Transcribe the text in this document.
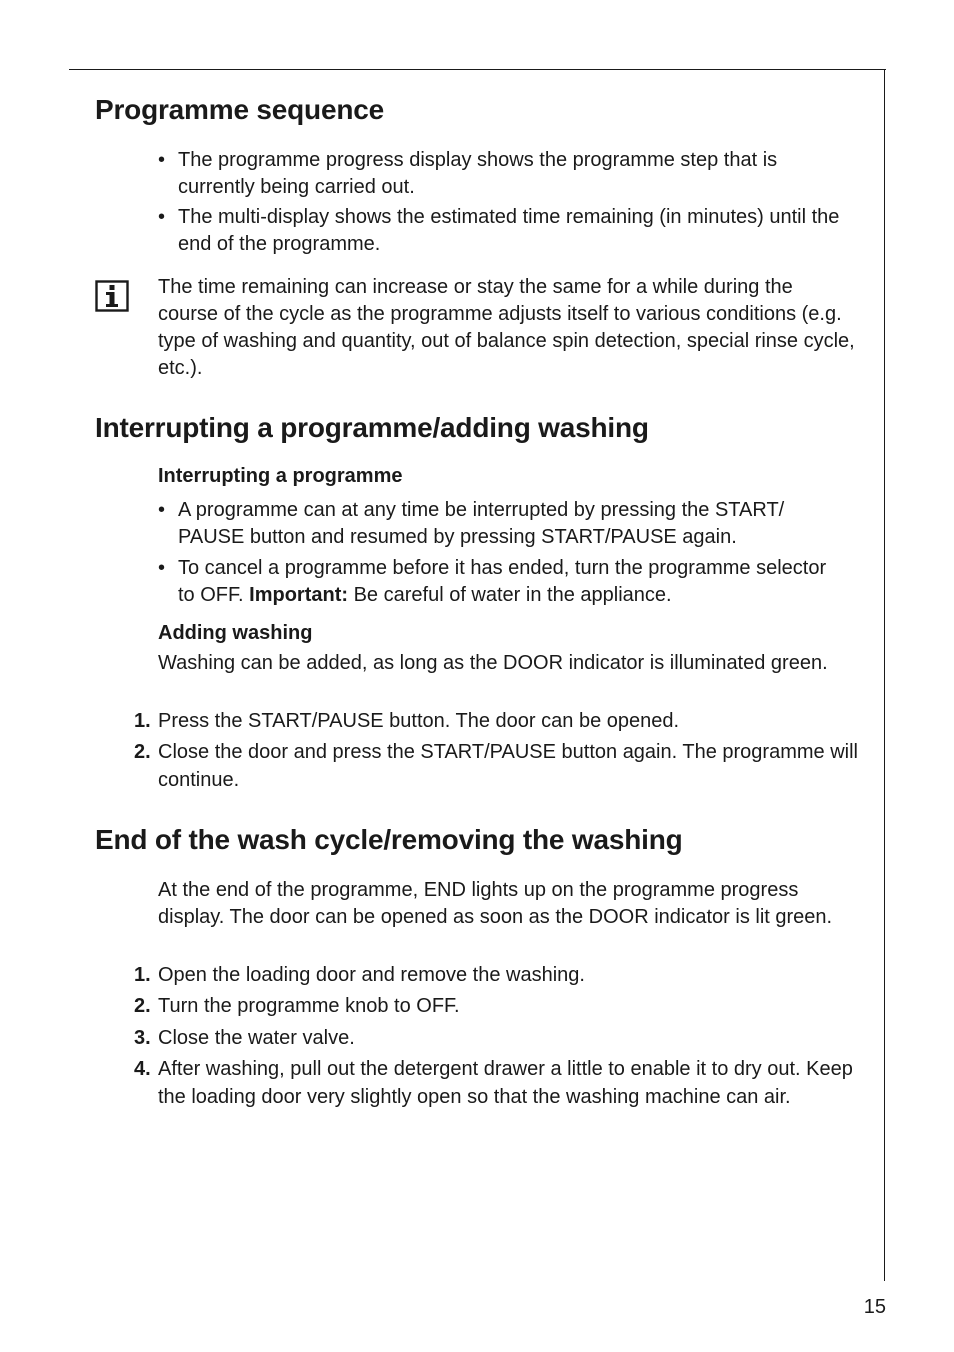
Programme sequence
• The programme progress display shows the programme step that is currently being carried out.
• The multi-display shows the estimated time remaining (in minutes) until the end of the programme.

The time remaining can increase or stay the same for a while during the course of the cycle as the programme adjusts itself to various conditions (e.g. type of washing and quantity, out of balance spin detection, special rinse cycle, etc.).

Interrupting a programme/adding washing

Interrupting a programme

• A programme can at any time be interrupted by pressing the START/ PAUSE button and resumed by pressing START/PAUSE again.
• To cancel a programme before it has ended, turn the programme selector to OFF. Important: Be careful of water in the appliance.

Adding washing

Washing can be added, as long as the DOOR indicator is illuminated green.

1. Press the START/PAUSE button. The door can be opened.
2. Close the door and press the START/PAUSE button again. The programme will continue.
End of the wash cycle/removing the washing

At the end of the programme, END lights up on the programme progress display. The door can be opened as soon as the DOOR indicator is lit green.

1. Open the loading door and remove the washing.
2. Turn the programme knob to OFF.
3. Close the water valve.
4. After washing, pull out the detergent drawer a little to enable it to dry out. Keep the loading door very slightly open so that the washing machine can air.
15
